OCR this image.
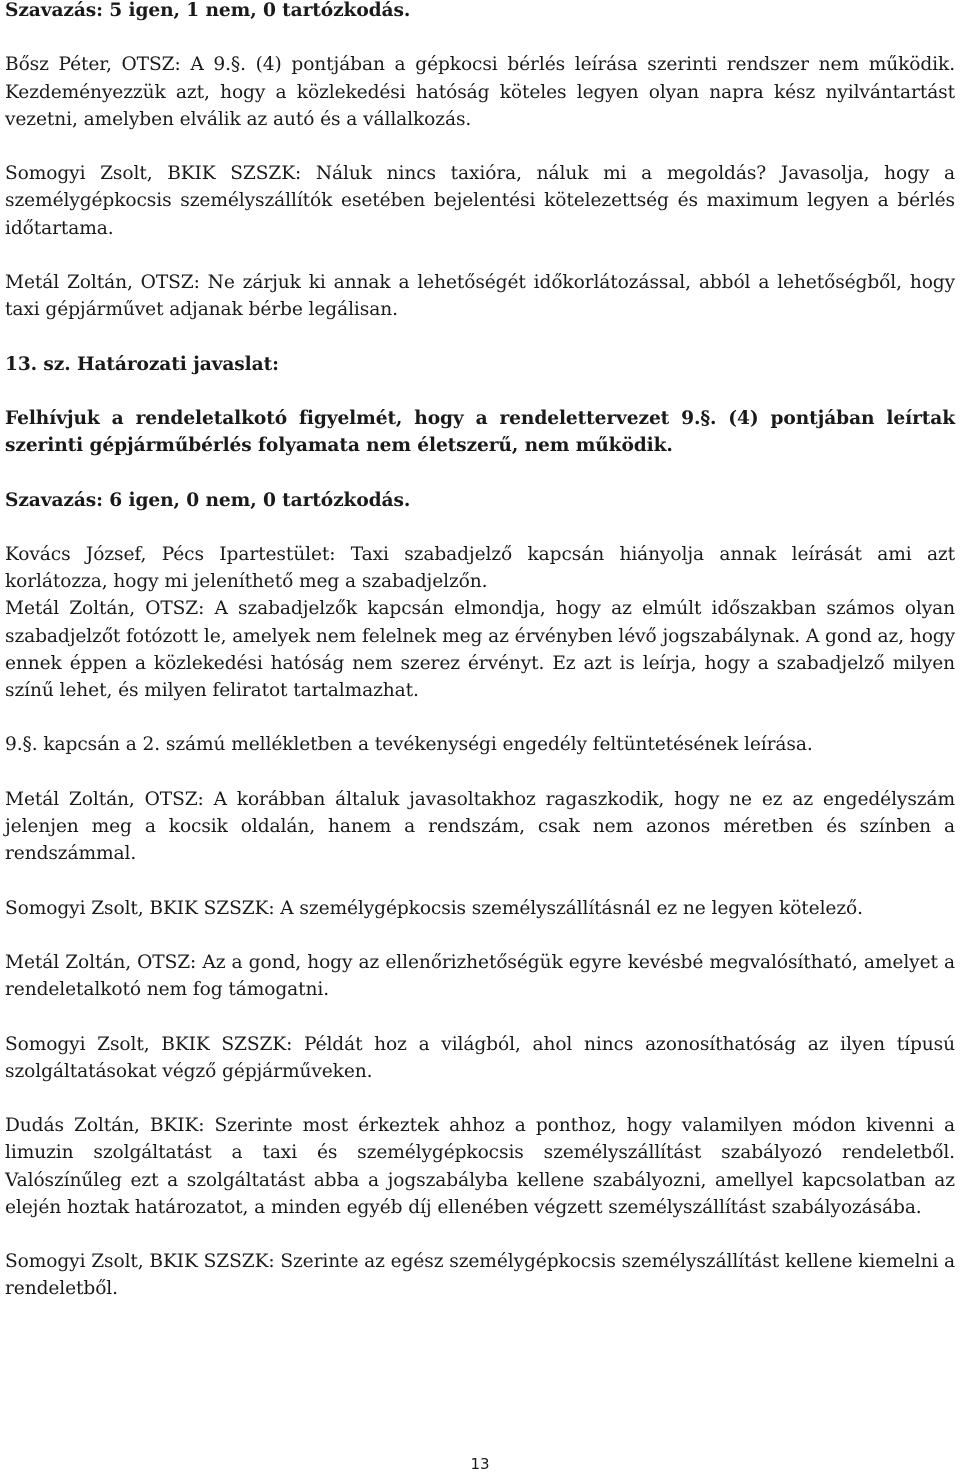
Szavazás: 5 igen, 1 nem, 0 tartózkodás.

Bősz Péter, OTSZ: A 9.§. (4) pontjában a gépkocsi bérlés leírása szerinti rendszer nem működik. Kezdeményezzük azt, hogy a közlekedési hatóság köteles legyen olyan napra kész nyilvántartást vezetni, amelyben elválik az autó és a vállalkozás.

Somogyi Zsolt, BKIK SZSZK: Náluk nincs taxióra, náluk mi a megoldás? Javasolja, hogy a személygépkocsis személyszállítók esetében bejelentési kötelezettség és maximum legyen a bérlés időtartama.

Metál Zoltán, OTSZ: Ne zárjuk ki annak a lehetőségét időkorlátozással, abból a lehetőségből, hogy taxi gépjárművet adjanak bérbe legálisan.

13. sz. Határozati javaslat:

Felhívjuk a rendeletalkotó figyelmét, hogy a rendelettervezet 9.§. (4) pontjában leírtak szerinti gépjárműbérlés folyamata nem életszerű, nem működik.

Szavazás: 6 igen, 0 nem, 0 tartózkodás.

Kovács József, Pécs Ipartestület: Taxi szabadjelző kapcsán hiányolja annak leírását ami azt korlátozza, hogy mi jeleníthető meg a szabadjelzőn.

Metál Zoltán, OTSZ: A szabadjelzők kapcsán elmondja, hogy az elmúlt időszakban számos olyan szabadjelzőt fotózott le, amelyek nem felelnek meg az érvényben lévő jogszabálynak. A gond az, hogy ennek éppen a közlekedési hatóság nem szerez érvényt. Ez azt is leírja, hogy a szabadjelző milyen színű lehet, és milyen feliratot tartalmazhat.

9.§. kapcsán a 2. számú mellékletben a tevékenységi engedély feltüntetésének leírása.

Metál Zoltán, OTSZ: A korábban általuk javasoltakhoz ragaszkodik, hogy ne ez az engedélyszám jelenjen meg a kocsik oldalán, hanem a rendszám, csak nem azonos méretben és színben a rendszámmal.

Somogyi Zsolt, BKIK SZSZK: A személygépkocsis személyszállításnál ez ne legyen kötelező.

Metál Zoltán, OTSZ: Az a gond, hogy az ellenőrizhetőségük egyre kevésbé megvalósítható, amelyet a rendeletalkotó nem fog támogatni.

Somogyi Zsolt, BKIK SZSZK: Példát hoz a világból, ahol nincs azonosíthatóság az ilyen típusú szolgáltatásokat végző gépjárműveken.

Dudás Zoltán, BKIK: Szerinte most érkeztek ahhoz a ponthoz, hogy valamilyen módon kivenni a limuzin szolgáltatást a taxi és személygépkocsis személyszállítást szabályozó rendeletből. Valószínűleg ezt a szolgáltatást abba a jogszabályba kellene szabályozni, amellyel kapcsolatban az elején hoztak határozatot, a minden egyéb díj ellenében végzett személyszállítást szabályozásába.

Somogyi Zsolt, BKIK SZSZK: Szerinte az egész személygépkocsis személyszállítást kellene kiemelni a rendeletből.

13
